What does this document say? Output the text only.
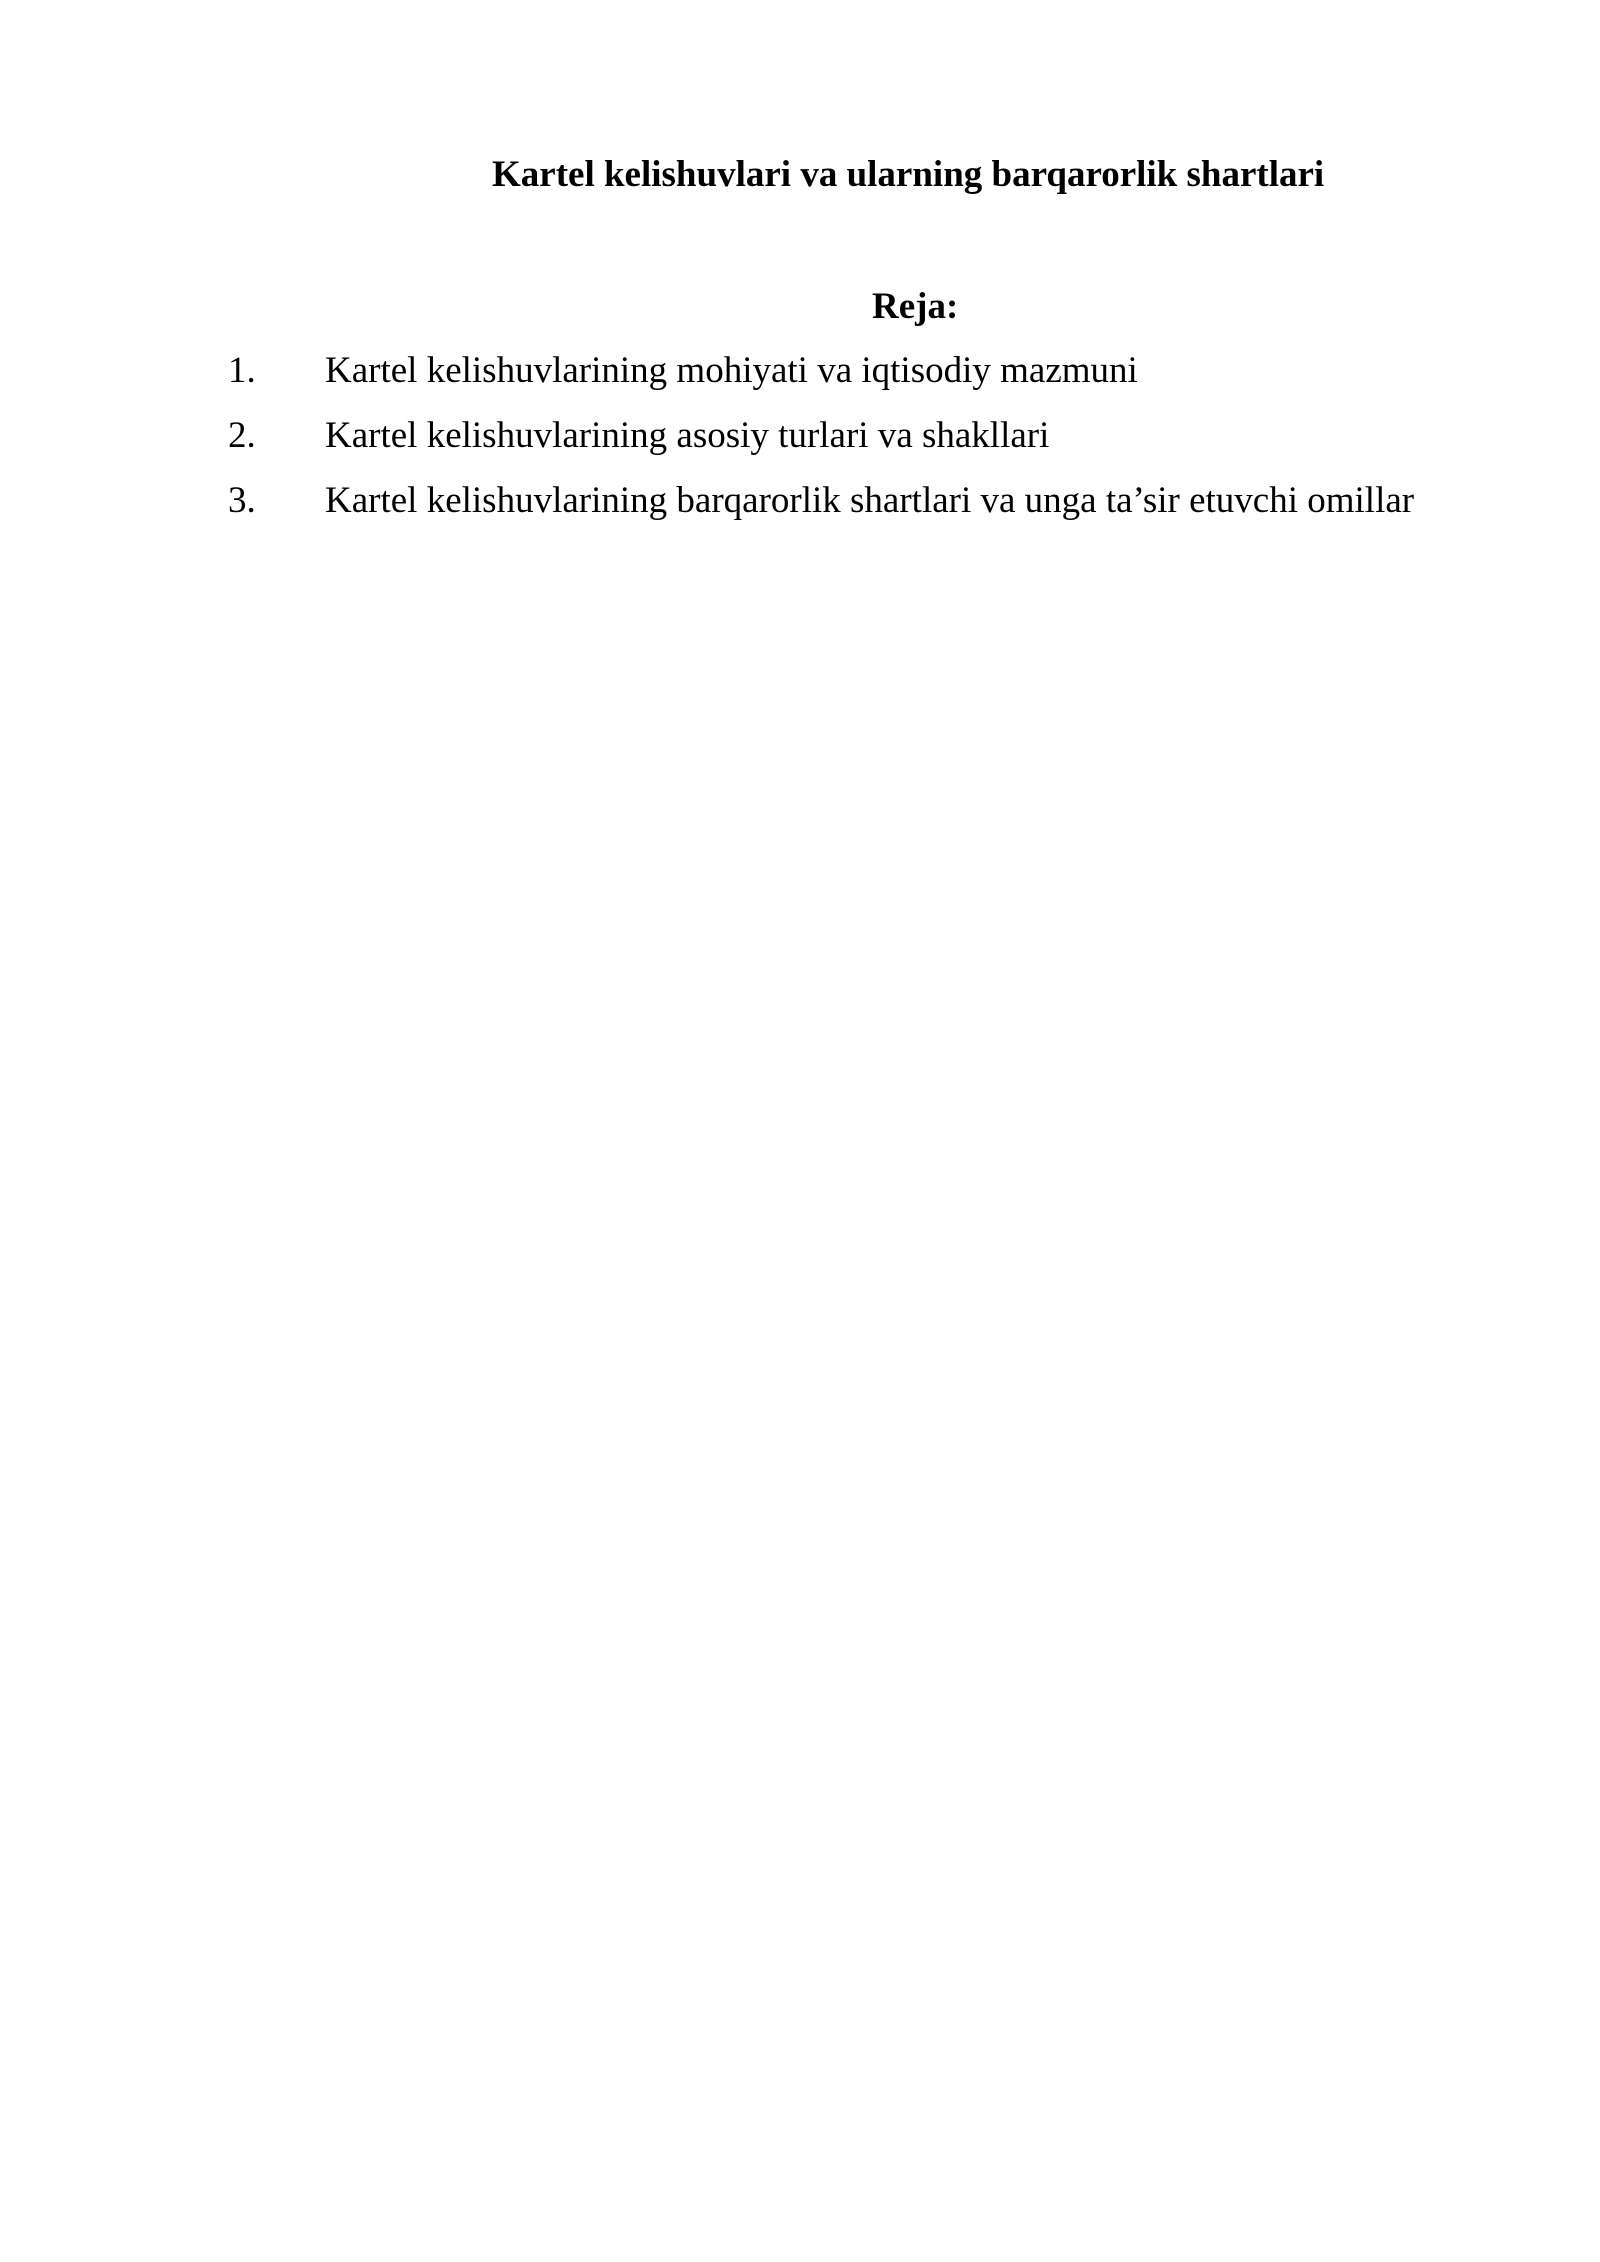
Kartel kelishuvlari va ularning barqarorlik shartlari
Reja:
1. Kartel kelishuvlarining mohiyati va iqtisodiy mazmuni
2. Kartel kelishuvlarining asosiy turlari va shakllari
3. Kartel kelishuvlarining barqarorlik shartlari va unga ta’sir etuvchi omillar
